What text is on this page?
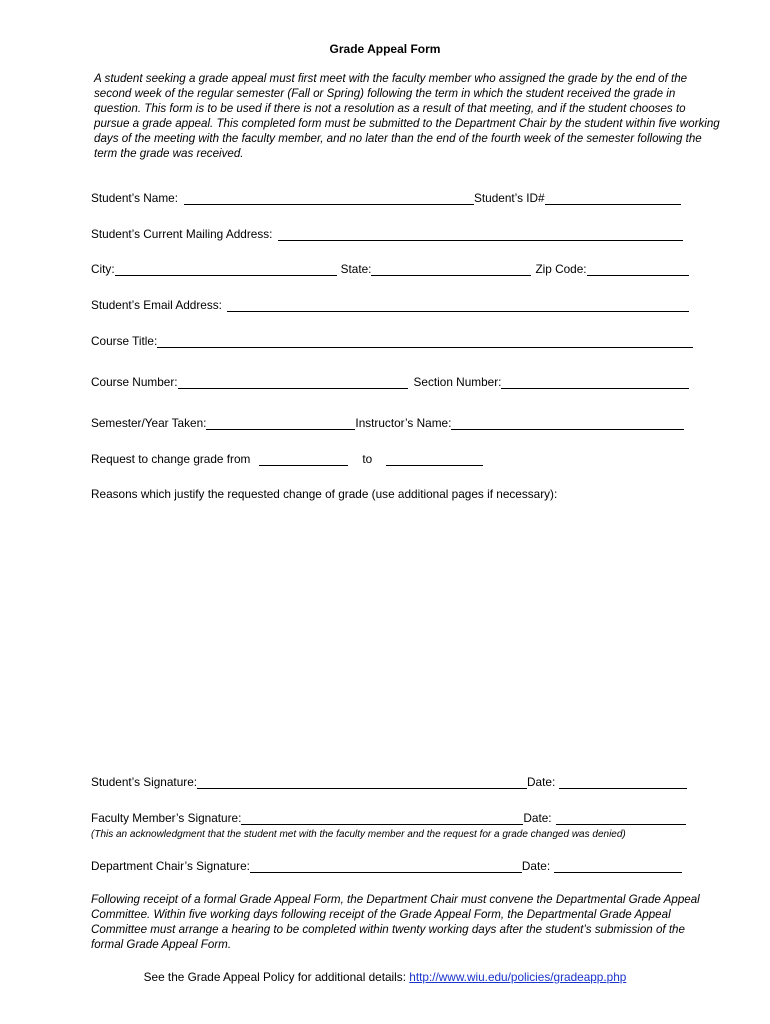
Grade Appeal Form

A student seeking a grade appeal must first meet with the faculty member who assigned the grade by the end of the second week of the regular semester (Fall or Spring) following the term in which the student received the grade in question. This form is to be used if there is not a resolution as a result of that meeting, and if the student chooses to pursue a grade appeal. This completed form must be submitted to the Department Chair by the student within five working days of the meeting with the faculty member, and no later than the end of the fourth week of the semester following the term the grade was received.

Student’s Name:	Student’s ID#
Student’s Current Mailing Address:
City:	State:	Zip Code:
Student’s Email Address:
Course Title:
Course Number:	Section Number:
Semester/Year Taken:	Instructor’s Name:
Request to change grade from	to
Reasons which justify the requested change of grade (use additional pages if necessary):
Student’s Signature:	Date:
Faculty Member’s Signature:	Date:
(This an acknowledgment that the student met with the faculty member and the request for a grade changed was denied)
Department Chair’s Signature:	Date:

Following receipt of a formal Grade Appeal Form, the Department Chair must convene the Departmental Grade Appeal Committee. Within five working days following receipt of the Grade Appeal Form, the Departmental Grade Appeal Committee must arrange a hearing to be completed within twenty working days after the student’s submission of the formal Grade Appeal Form.

See the Grade Appeal Policy for additional details: http://www.wiu.edu/policies/gradeapp.php
